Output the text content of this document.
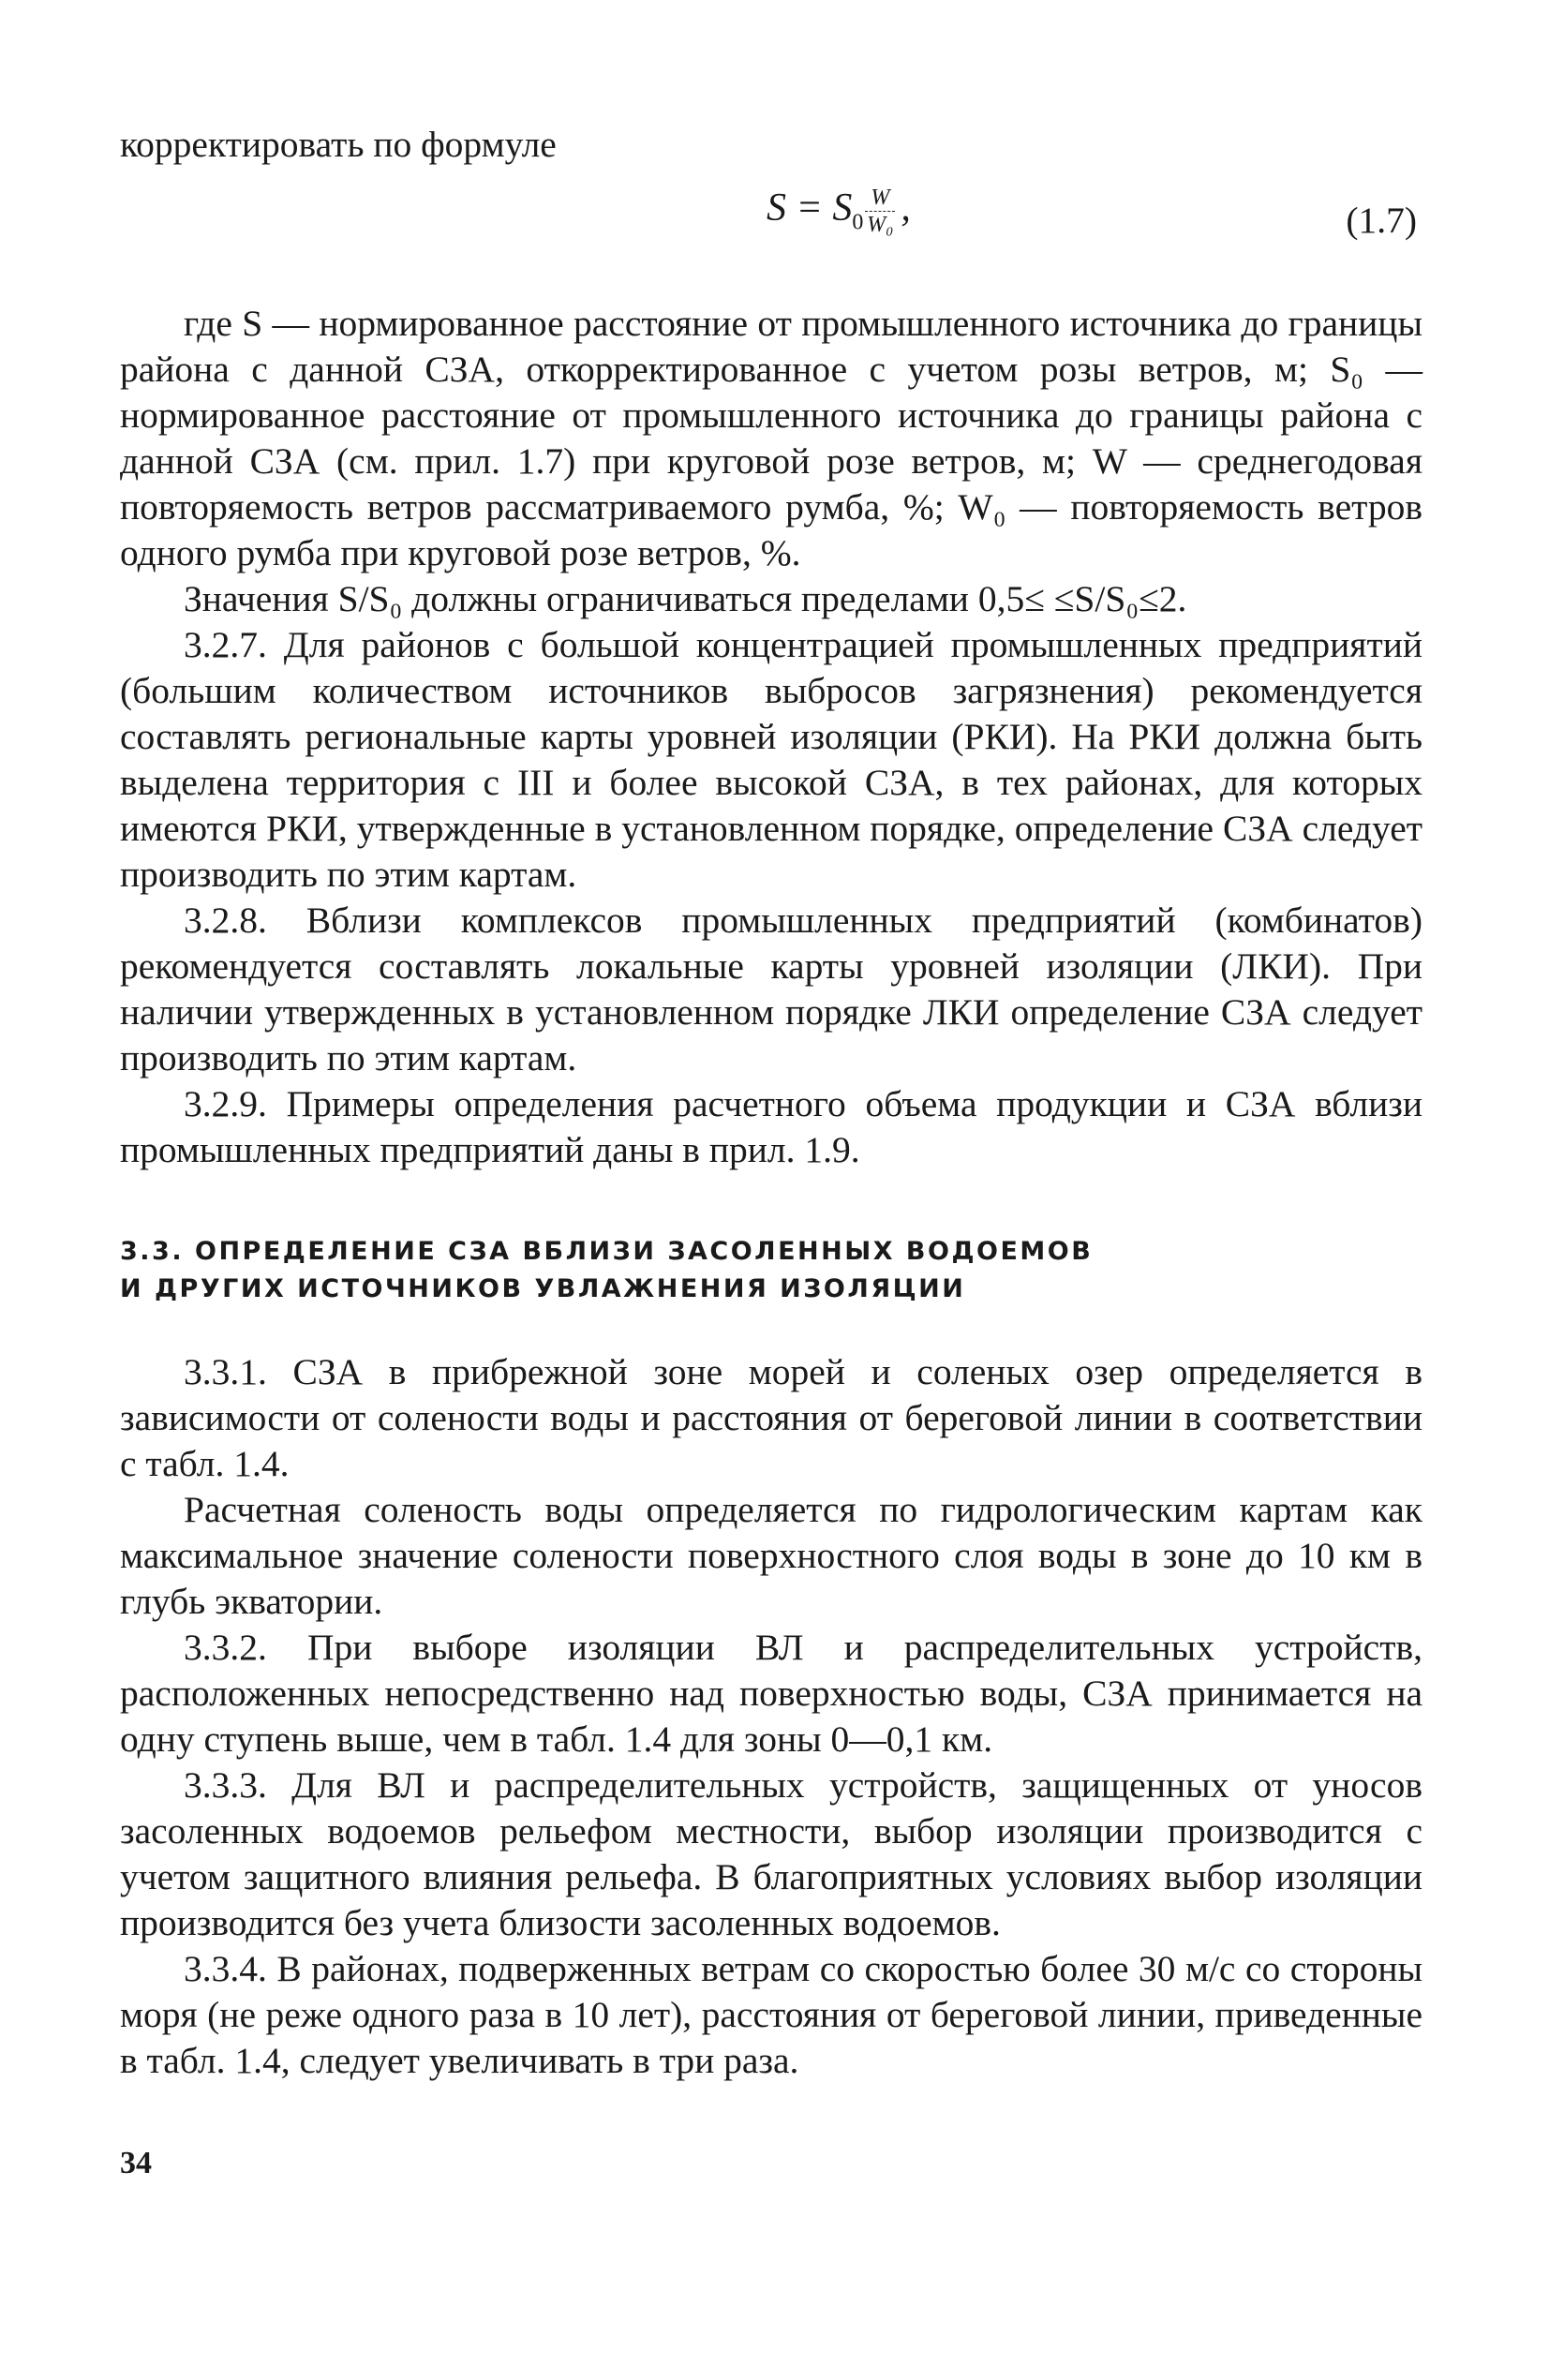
корректировать по формуле

$S = S_0 \frac{W}{\text{W₀}}$ ,	(1.7)

где S — нормированное расстояние от промышленного источника до границы района с данной СЗА, откорректированное с учетом розы ветров, м; S₀ — нормированное расстояние от промышленного источника до границы района с данной СЗА (см. прил. 1.7) при круговой розе ветров, м; W — среднегодовая повторяемость ветров рассматриваемого румба, %; W₀ — повторяемость ветров одного румба при круговой розе ветров, %.

Значения S/S₀ должны ограничиваться пределами 0,5≤ ≤S/S₀≤2.

3.2.7. Для районов с большой концентрацией промышленных предприятий (большим количеством источников выбросов загрязнения) рекомендуется составлять региональные карты уровней изоляции (РКИ). На РКИ должна быть выделена территория с III и более высокой СЗА, в тех районах, для которых имеются РКИ, утвержденные в установленном порядке, определение СЗА следует производить по этим картам.

3.2.8. Вблизи комплексов промышленных предприятий (комбинатов) рекомендуется составлять локальные карты уровней изоляции (ЛКИ). При наличии утвержденных в установленном порядке ЛКИ определение СЗА следует производить по этим картам.

3.2.9. Примеры определения расчетного объема продукции и СЗА вблизи промышленных предприятий даны в прил. 1.9.

3.3. ОПРЕДЕЛЕНИЕ СЗА ВБЛИЗИ ЗАСОЛЕННЫХ ВОДОЕМОВ
И ДРУГИХ ИСТОЧНИКОВ УВЛАЖНЕНИЯ ИЗОЛЯЦИИ

3.3.1. СЗА в прибрежной зоне морей и соленых озер определяется в зависимости от солености воды и расстояния от береговой линии в соответствии с табл. 1.4.

Расчетная соленость воды определяется по гидрологическим картам как максимальное значение солености поверхностного слоя воды в зоне до 10 км в глубь экватории.

3.3.2. При выборе изоляции ВЛ и распределительных устройств, расположенных непосредственно над поверхностью воды, СЗА принимается на одну ступень выше, чем в табл. 1.4 для зоны 0—0,1 км.

3.3.3. Для ВЛ и распределительных устройств, защищенных от уносов засоленных водоемов рельефом местности, выбор изоляции производится с учетом защитного влияния рельефа. В благоприятных условиях выбор изоляции производится без учета близости засоленных водоемов.

3.3.4. В районах, подверженных ветрам со скоростью более 30 м/с со стороны моря (не реже одного раза в 10 лет), расстояния от береговой линии, приведенные в табл. 1.4, следует увеличивать в три раза.

34
